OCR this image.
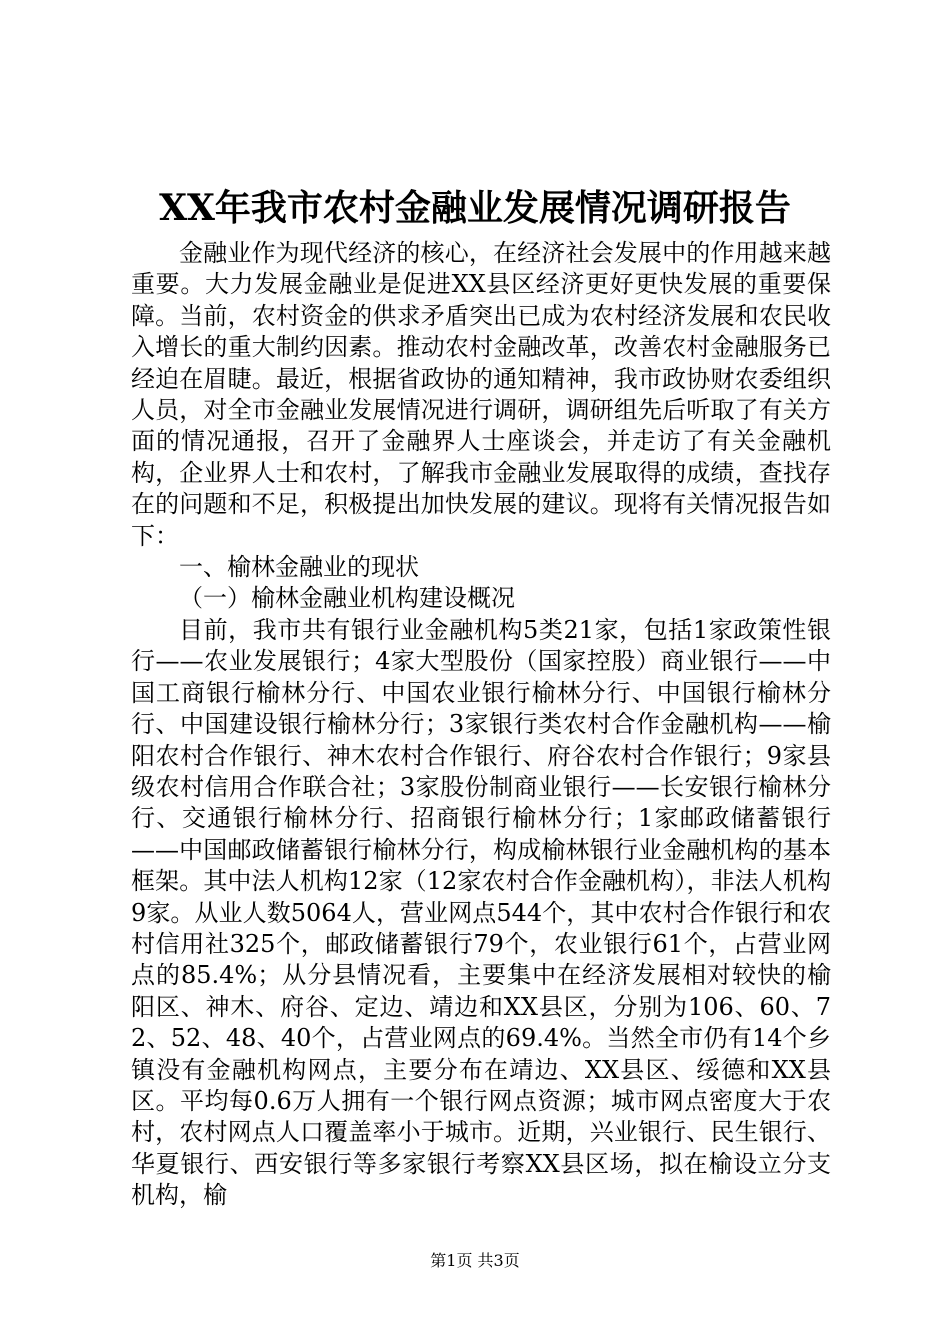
XX年我市农村金融业发展情况调研报告

金融业作为现代经济的核心，在经济社会发展中的作用越来越重要。大力发展金融业是促进XX县区经济更好更快发展的重要保障。当前，农村资金的供求矛盾突出已成为农村经济发展和农民收入增长的重大制约因素。推动农村金融改革，改善农村金融服务已经迫在眉睫。最近，根据省政协的通知精神，我市政协财农委组织人员，对全市金融业发展情况进行调研，调研组先后听取了有关方面的情况通报，召开了金融界人士座谈会，并走访了有关金融机构，企业界人士和农村，了解我市金融业发展取得的成绩，查找存在的问题和不足，积极提出加快发展的建议。现将有关情况报告如下：

一、榆林金融业的现状

（一）榆林金融业机构建设概况

目前，我市共有银行业金融机构5类21家，包括1家政策性银行——农业发展银行；4家大型股份（国家控股）商业银行——中国工商银行榆林分行、中国农业银行榆林分行、中国银行榆林分行、中国建设银行榆林分行；3家银行类农村合作金融机构——榆阳农村合作银行、神木农村合作银行、府谷农村合作银行；9家县级农村信用合作联合社；3家股份制商业银行——长安银行榆林分行、交通银行榆林分行、招商银行榆林分行；1家邮政储蓄银行——中国邮政储蓄银行榆林分行，构成榆林银行业金融机构的基本框架。其中法人机构12家（12家农村合作金融机构），非法人机构9家。从业人数5064人，营业网点544个，其中农村合作银行和农村信用社325个，邮政储蓄银行79个，农业银行61个，占营业网点的85.4%；从分县情况看，主要集中在经济发展相对较快的榆阳区、神木、府谷、定边、靖边和XX县区，分别为106、60、72、52、48、40个，占营业网点的69.4%。当然全市仍有14个乡镇没有金融机构网点，主要分布在靖边、XX县区、绥德和XX县区。平均每0.6万人拥有一个银行网点资源；城市网点密度大于农村，农村网点人口覆盖率小于城市。近期，兴业银行、民生银行、华夏银行、西安银行等多家银行考察XX县区场，拟在榆设立分支机构，榆

第1页 共3页
